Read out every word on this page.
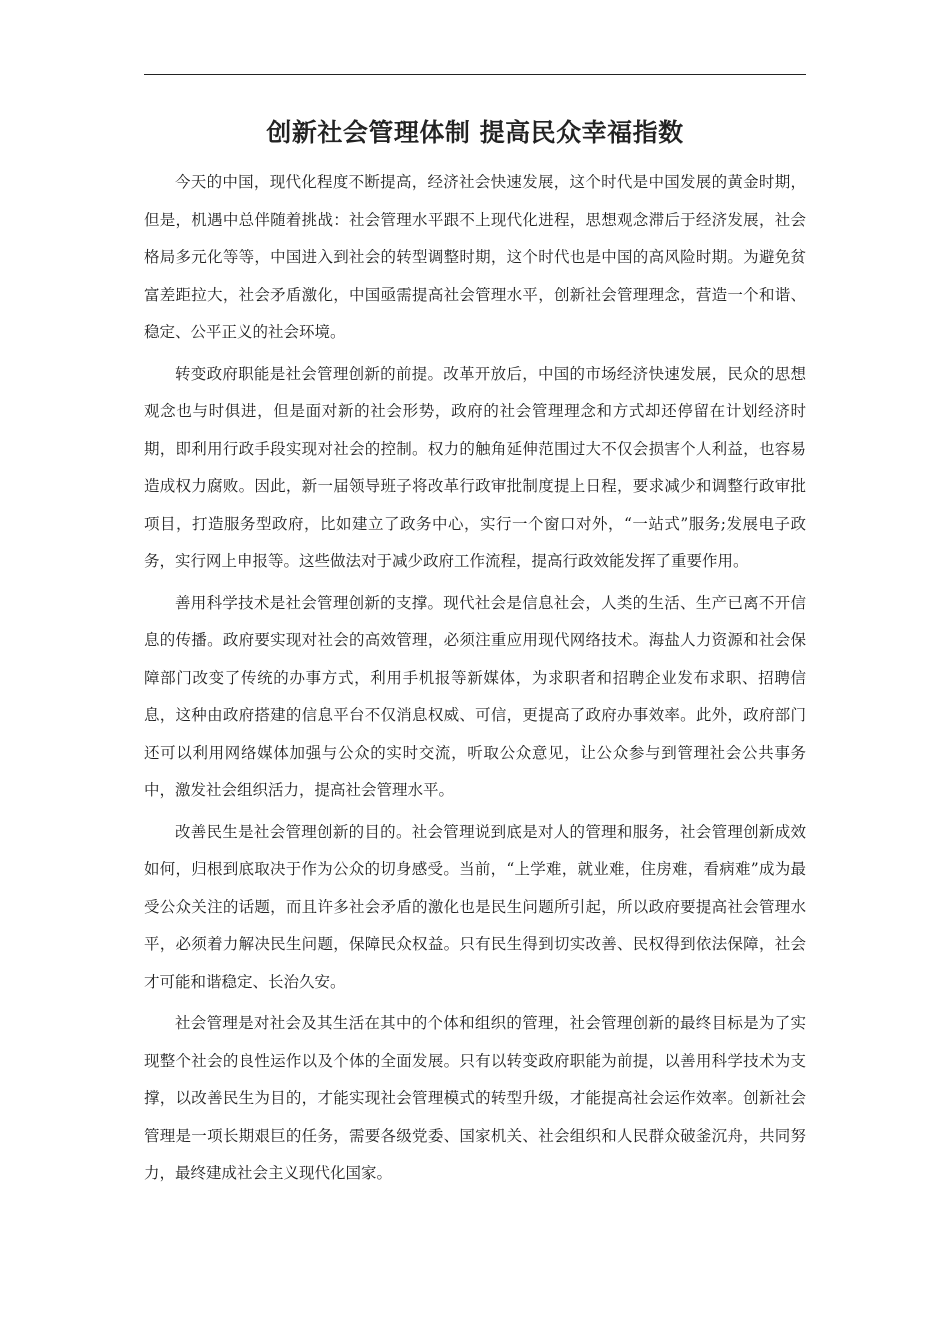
创新社会管理体制 提高民众幸福指数

今天的中国，现代化程度不断提高，经济社会快速发展，这个时代是中国发展的黄金时期，但是，机遇中总伴随着挑战：社会管理水平跟不上现代化进程，思想观念滞后于经济发展，社会格局多元化等等，中国进入到社会的转型调整时期，这个时代也是中国的高风险时期。为避免贫富差距拉大，社会矛盾激化，中国亟需提高社会管理水平，创新社会管理理念，营造一个和谐、稳定、公平正义的社会环境。

转变政府职能是社会管理创新的前提。改革开放后，中国的市场经济快速发展，民众的思想观念也与时俱进，但是面对新的社会形势，政府的社会管理理念和方式却还停留在计划经济时期，即利用行政手段实现对社会的控制。权力的触角延伸范围过大不仅会损害个人利益，也容易造成权力腐败。因此，新一届领导班子将改革行政审批制度提上日程，要求减少和调整行政审批项目，打造服务型政府，比如建立了政务中心，实行一个窗口对外，“一站式”服务;发展电子政务，实行网上申报等。这些做法对于减少政府工作流程，提高行政效能发挥了重要作用。

善用科学技术是社会管理创新的支撑。现代社会是信息社会，人类的生活、生产已离不开信息的传播。政府要实现对社会的高效管理，必须注重应用现代网络技术。海盐人力资源和社会保障部门改变了传统的办事方式，利用手机报等新媒体，为求职者和招聘企业发布求职、招聘信息，这种由政府搭建的信息平台不仅消息权威、可信，更提高了政府办事效率。此外，政府部门还可以利用网络媒体加强与公众的实时交流，听取公众意见，让公众参与到管理社会公共事务中，激发社会组织活力，提高社会管理水平。

改善民生是社会管理创新的目的。社会管理说到底是对人的管理和服务，社会管理创新成效如何，归根到底取决于作为公众的切身感受。当前，“上学难，就业难，住房难，看病难”成为最受公众关注的话题，而且许多社会矛盾的激化也是民生问题所引起，所以政府要提高社会管理水平，必须着力解决民生问题，保障民众权益。只有民生得到切实改善、民权得到依法保障，社会才可能和谐稳定、长治久安。

社会管理是对社会及其生活在其中的个体和组织的管理，社会管理创新的最终目标是为了实现整个社会的良性运作以及个体的全面发展。只有以转变政府职能为前提，以善用科学技术为支撑，以改善民生为目的，才能实现社会管理模式的转型升级，才能提高社会运作效率。创新社会管理是一项长期艰巨的任务，需要各级党委、国家机关、社会组织和人民群众破釜沉舟，共同努力，最终建成社会主义现代化国家。
